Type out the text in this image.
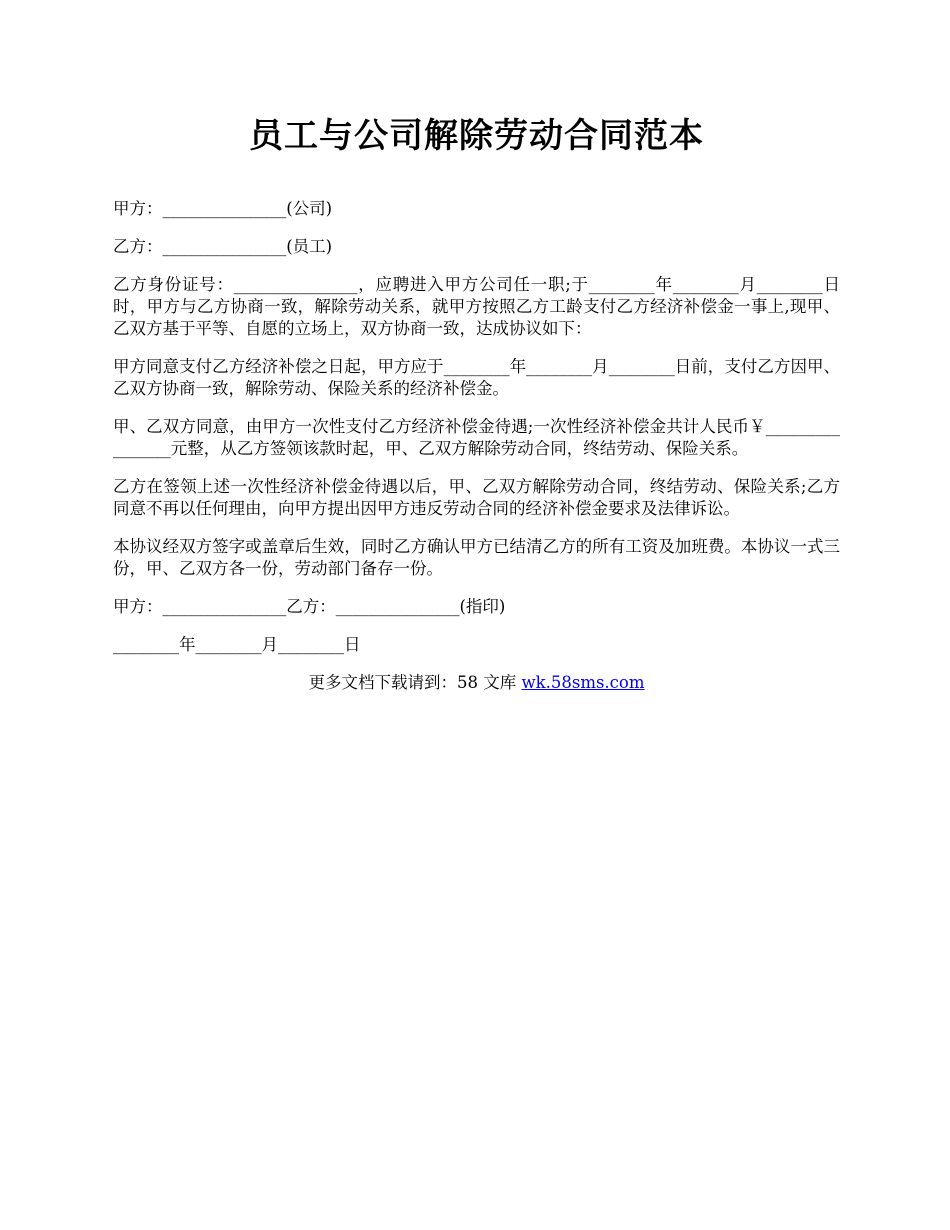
员工与公司解除劳动合同范本

甲方：_______________(公司)

乙方：_______________(员工)

乙方身份证号：_______________，应聘进入甲方公司任一职;于________年________月________日时，甲方与乙方协商一致，解除劳动关系，就甲方按照乙方工龄支付乙方经济补偿金一事上,现甲、乙双方基于平等、自愿的立场上，双方协商一致，达成协议如下：

甲方同意支付乙方经济补偿之日起，甲方应于________年________月________日前，支付乙方因甲、乙双方协商一致，解除劳动、保险关系的经济补偿金。

甲、乙双方同意，由甲方一次性支付乙方经济补偿金待遇;一次性经济补偿金共计人民币￥________________元整，从乙方签领该款时起，甲、乙双方解除劳动合同，终结劳动、保险关系。

乙方在签领上述一次性经济补偿金待遇以后，甲、乙双方解除劳动合同，终结劳动、保险关系;乙方同意不再以任何理由，向甲方提出因甲方违反劳动合同的经济补偿金要求及法律诉讼。

本协议经双方签字或盖章后生效，同时乙方确认甲方已结清乙方的所有工资及加班费。本协议一式三份，甲、乙双方各一份，劳动部门备存一份。

甲方：_______________乙方：_______________(指印)

________年________月________日

更多文档下载请到：58 文库 wk.58sms.com
